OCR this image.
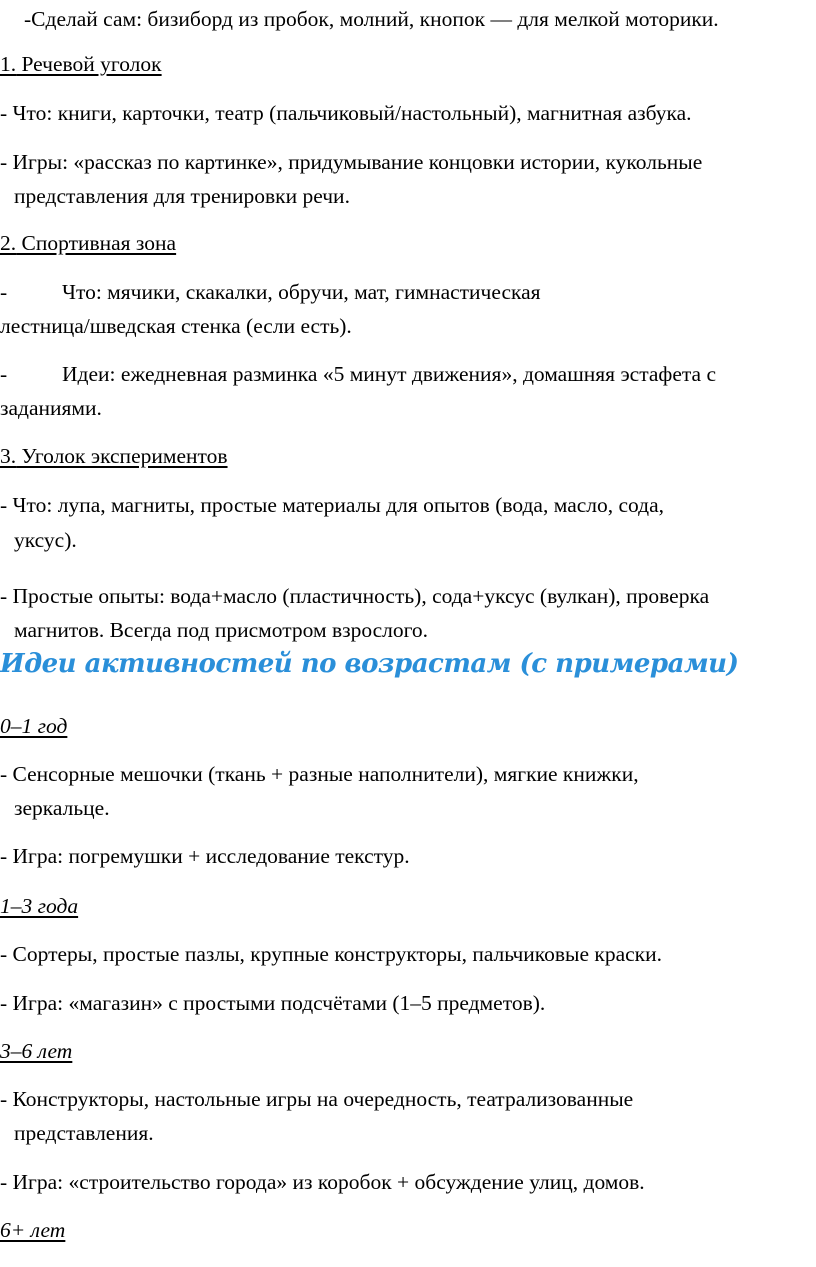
-Сделай сам: бизиборд из пробок, молний, кнопок — для мелкой моторики.

1. Речевой уголок

- Что: книги, карточки, театр (пальчиковый/настольный), магнитная азбука.

- Игры: «рассказ по картинке», придумывание концовки истории, кукольные

представления для тренировки речи.

2. Спортивная зона

-	Что: мячики, скакалки, обручи, мат, гимнастическая

лестница/шведская стенка (если есть).

-	Идеи: ежедневная разминка «5 минут движения», домашняя эстафета с

заданиями.

3. Уголок экспериментов

- Что: лупа, магниты, простые материалы для опытов (вода, масло, сода,

уксус).

- Простые опыты: вода+масло (пластичность), сода+уксус (вулкан), проверка

магнитов. Всегда под присмотром взрослого.

Идеи активностей по возрастам (с примерами)

0–1 год

- Сенсорные мешочки (ткань + разные наполнители), мягкие книжки,

зеркальце.

- Игра: погремушки + исследование текстур.

1–3 года

- Сортеры, простые пазлы, крупные конструкторы, пальчиковые краски.

- Игра: «магазин» с простыми подсчётами (1–5 предметов).

3–6 лет

- Конструкторы, настольные игры на очередность, театрализованные

представления.

- Игра: «строительство города» из коробок + обсуждение улиц, домов.

6+ лет
